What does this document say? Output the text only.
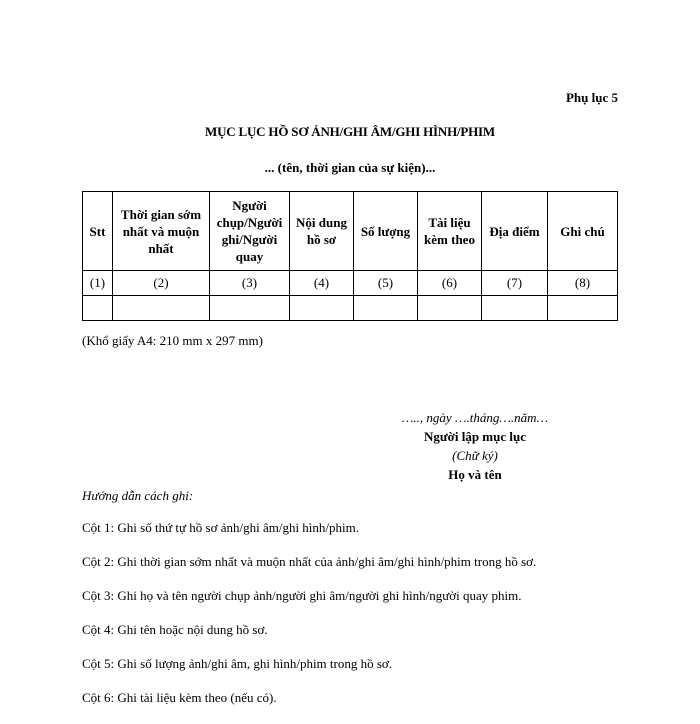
Phụ lục 5
MỤC LỤC HỒ SƠ ẢNH/GHI ÂM/GHI HÌNH/PHIM
... (tên, thời gian của sự kiện)...
Stt	Thời gian sớm nhất và muộn nhất	Người chụp/Người ghi/Người quay	Nội dung hồ sơ	Số lượng	Tài liệu kèm theo	Địa điểm	Ghi chú
(1)	(2)	(3)	(4)	(5)	(6)	(7)	(8)

(Khổ giấy A4: 210 mm x 297 mm)
….., ngày ….tháng….năm…
Người lập mục lục
(Chữ ký)
Họ và tên
Hướng dẫn cách ghi:
Cột 1: Ghi số thứ tự hồ sơ ảnh/ghi âm/ghi hình/phim.
Cột 2: Ghi thời gian sớm nhất và muộn nhất của ảnh/ghi âm/ghi hình/phim trong hồ sơ.
Cột 3: Ghi họ và tên người chụp ảnh/người ghi âm/người ghi hình/người quay phim.
Cột 4: Ghi tên hoặc nội dung hồ sơ.
Cột 5: Ghi số lượng ảnh/ghi âm, ghi hình/phim trong hồ sơ.
Cột 6: Ghi tài liệu kèm theo (nếu có).
